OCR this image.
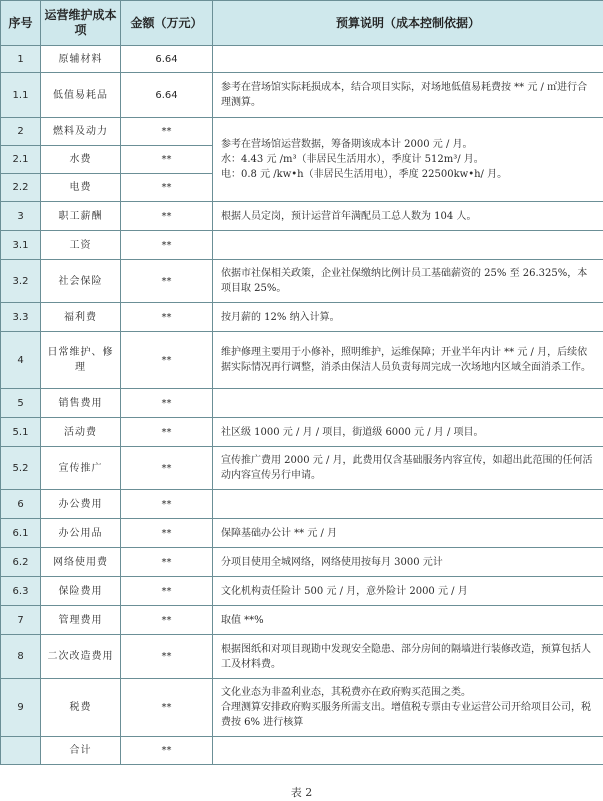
序号	运营维护成本项	金额（万元）	预算说明（成本控制依据）
1	原辅材料	6.64	
1.1	低值易耗品	6.64	参考在营场馆实际耗损成本，结合项目实际，对场地低值易耗费按 ** 元 / ㎡进行合理测算。
2	燃料及动力	**	参考在营场馆运营数据，筹备期该成本计 2000 元 / 月。
水：4.43 元 /m³（非居民生活用水），季度计 512m³/ 月。
电：0.8 元 /kw•h（非居民生活用电），季度 22500kw•h/ 月。
2.1	水费	**	
2.2	电费	**	
3	职工薪酬	**	根据人员定岗，预计运营首年满配员工总人数为 104 人。
3.1	工资	**	
3.2	社会保险	**	依据市社保相关政策，企业社保缴纳比例计员工基础薪资的 25% 至 26.325%，本项目取 25%。
3.3	福利费	**	按月薪的 12% 纳入计算。
4	日常维护、修理	**	维护修理主要用于小修补，照明维护，运维保障；开业半年内计 ** 元 / 月，后续依据实际情况再行调整，消杀由保洁人员负责每周完成一次场地内区域全面消杀工作。
5	销售费用	**	
5.1	活动费	**	社区级 1000 元 / 月 / 项目，街道级 6000 元 / 月 / 项目。
5.2	宣传推广	**	宣传推广费用 2000 元 / 月，此费用仅含基础服务内容宣传，如超出此范围的任何活动内容宣传另行申请。
6	办公费用	**	
6.1	办公用品	**	保障基础办公计 ** 元 / 月
6.2	网络使用费	**	分项目使用全城网络，网络使用按每月 3000 元计
6.3	保险费用	**	文化机构责任险计 500 元 / 月，意外险计 2000 元 / 月
7	管理费用	**	取值 **%
8	二次改造费用	**	根据图纸和对项目现勘中发现安全隐患、部分房间的隔墙进行装修改造，预算包括人工及材料费。
9	税费	**	文化业态为非盈利业态，其税费亦在政府购买范围之类。
合理测算安排政府购买服务所需支出。增值税专票由专业运营公司开给项目公司，税费按 6% 进行核算
	合计	**	
表 2
